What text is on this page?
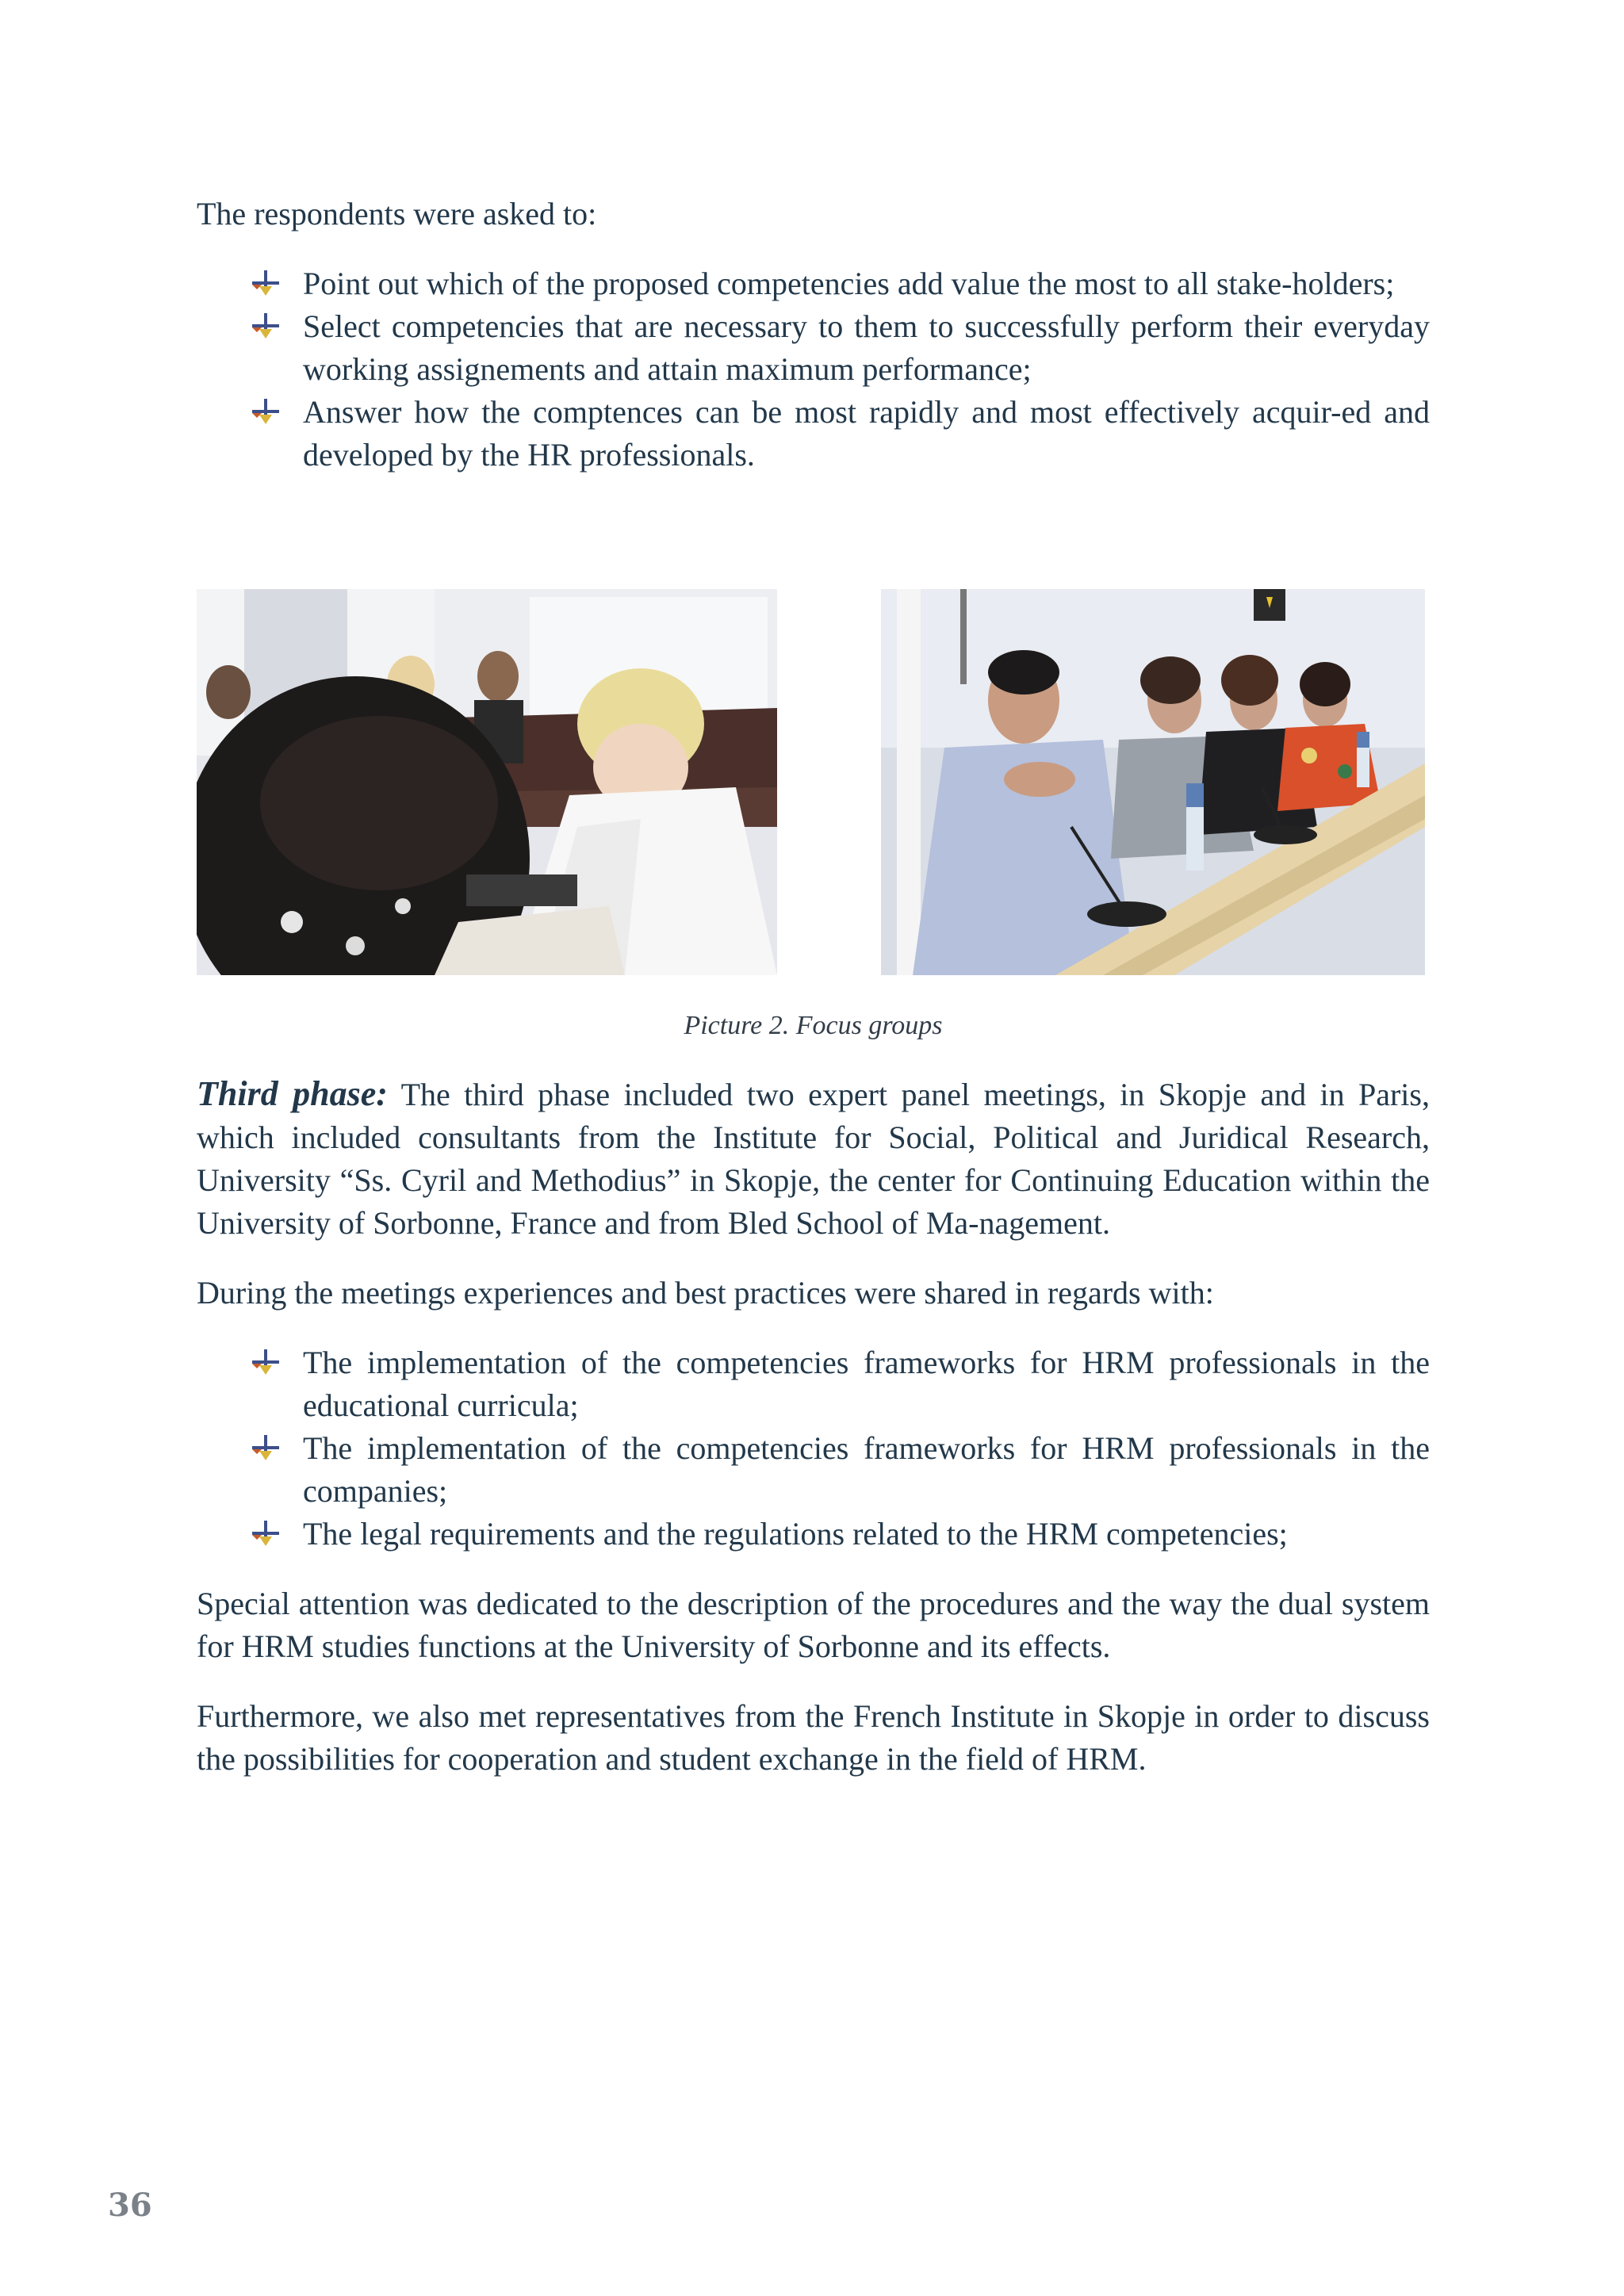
The respondents were asked to:

Point out which of the proposed competencies add value the most to all stake-holders;
Select competencies that are necessary to them to successfully perform their everyday working assignements and attain maximum performance;
Answer how the comptences can be most rapidly and most effectively acquir-ed and developed by the HR professionals.
Picture 2. Focus groups

Third phase: The third phase included two expert panel meetings, in Skopje and in Paris, which included consultants from the Institute for Social, Political and Juridical Research, University “Ss. Cyril and Methodius” in Skopje, the center for Continuing Education within the University of Sorbonne, France and from Bled School of Ma-nagement.

During the meetings experiences and best practices were shared in regards with:

The implementation of the competencies frameworks for HRM professionals in the educational curricula;
The implementation of the competencies frameworks for HRM professionals in the companies;
The legal requirements and the regulations related to the HRM competencies;

Special attention was dedicated to the description of the procedures and the way the dual system for HRM studies functions at the University of Sorbonne and its effects.

Furthermore, we also met representatives from the French Institute in Skopje in order to discuss the possibilities for cooperation and student exchange in the field of HRM.

36
